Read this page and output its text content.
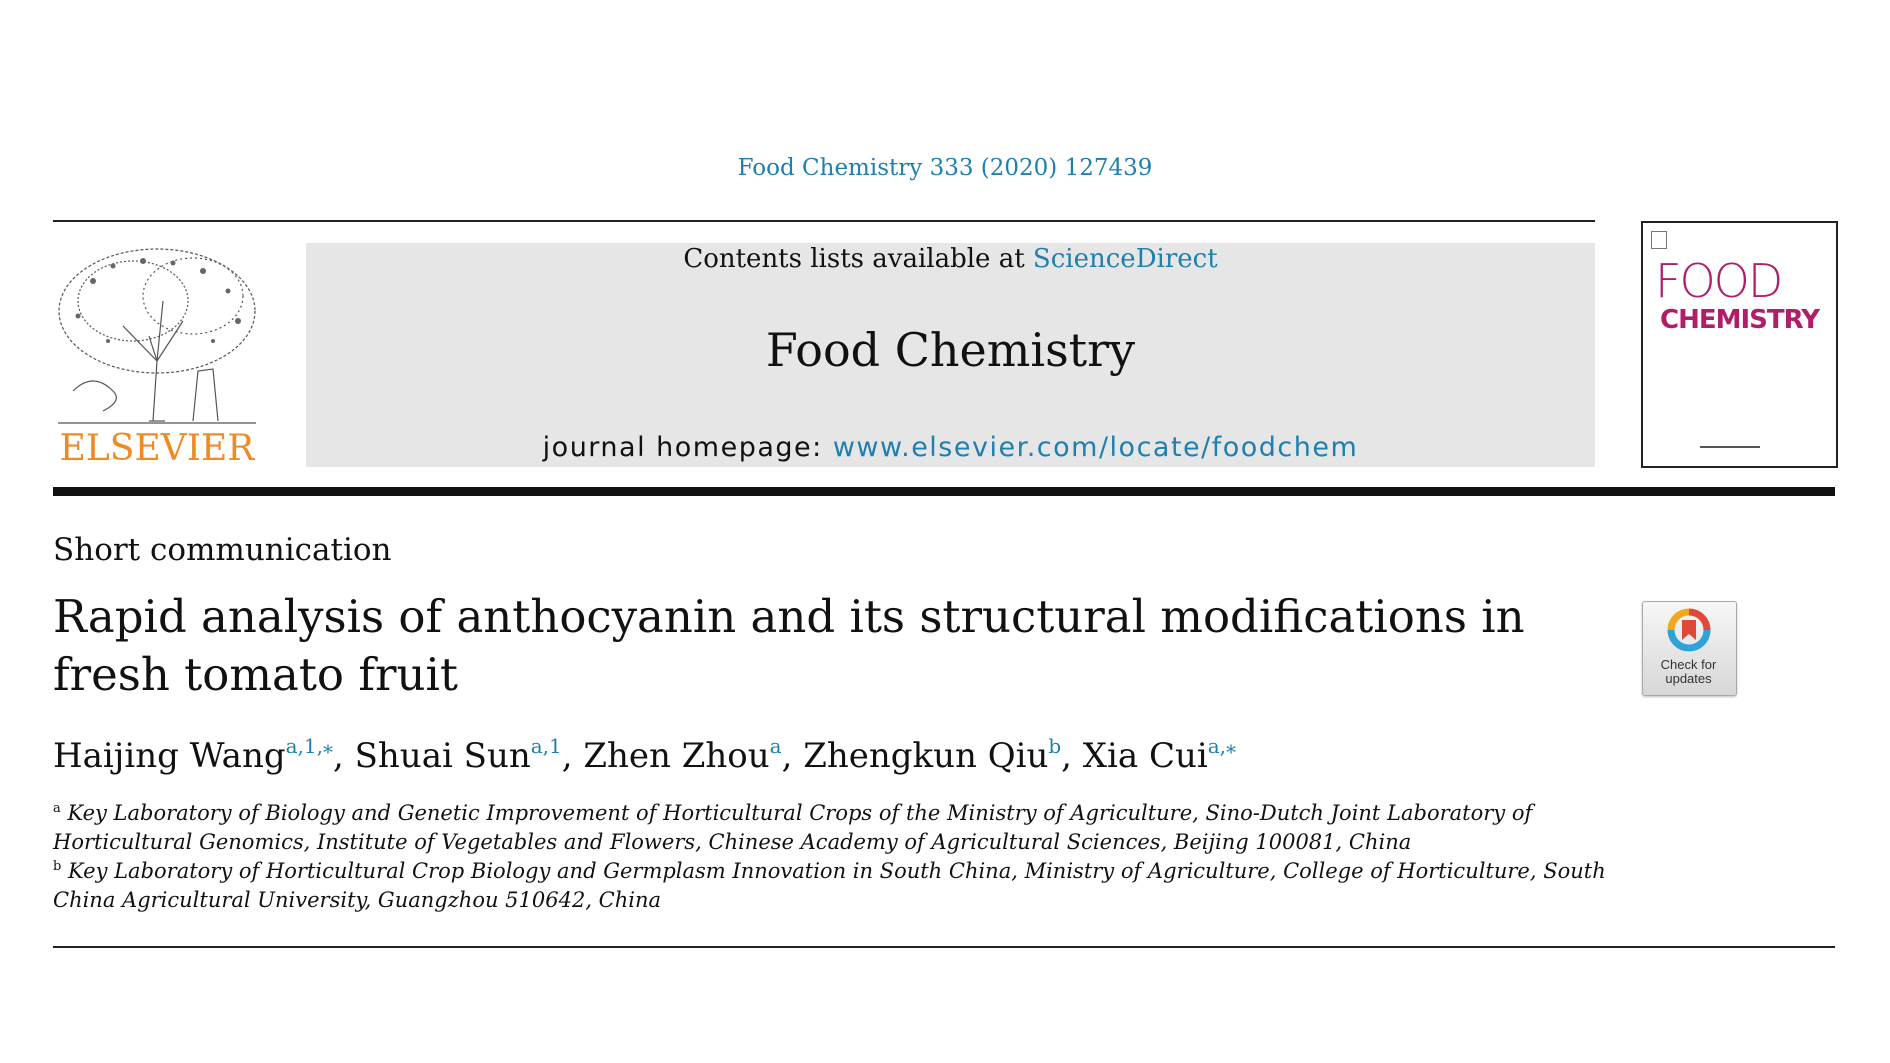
Food Chemistry 333 (2020) 127439
ELSEVIER
Contents lists available at ScienceDirect
Food Chemistry
journal homepage: www.elsevier.com/locate/foodchem
FOOD
CHEMISTRY
Short communication
Rapid analysis of anthocyanin and its structural modifications in fresh tomato fruit	Check for
updates
Haijing Wang$^{a,1,⁎}$, Shuai Sun$^{a,1}$, Zhen Zhou$^a$, Zhengkun Qiu$^b$, Xia Cui$^{a,⁎}$
$^a$ Key Laboratory of Biology and Genetic Improvement of Horticultural Crops of the Ministry of Agriculture, Sino-Dutch Joint Laboratory of Horticultural Genomics, Institute of Vegetables and Flowers, Chinese Academy of Agricultural Sciences, Beijing 100081, China
$^b$ Key Laboratory of Horticultural Crop Biology and Germplasm Innovation in South China, Ministry of Agriculture, College of Horticulture, South China Agricultural University, Guangzhou 510642, China
